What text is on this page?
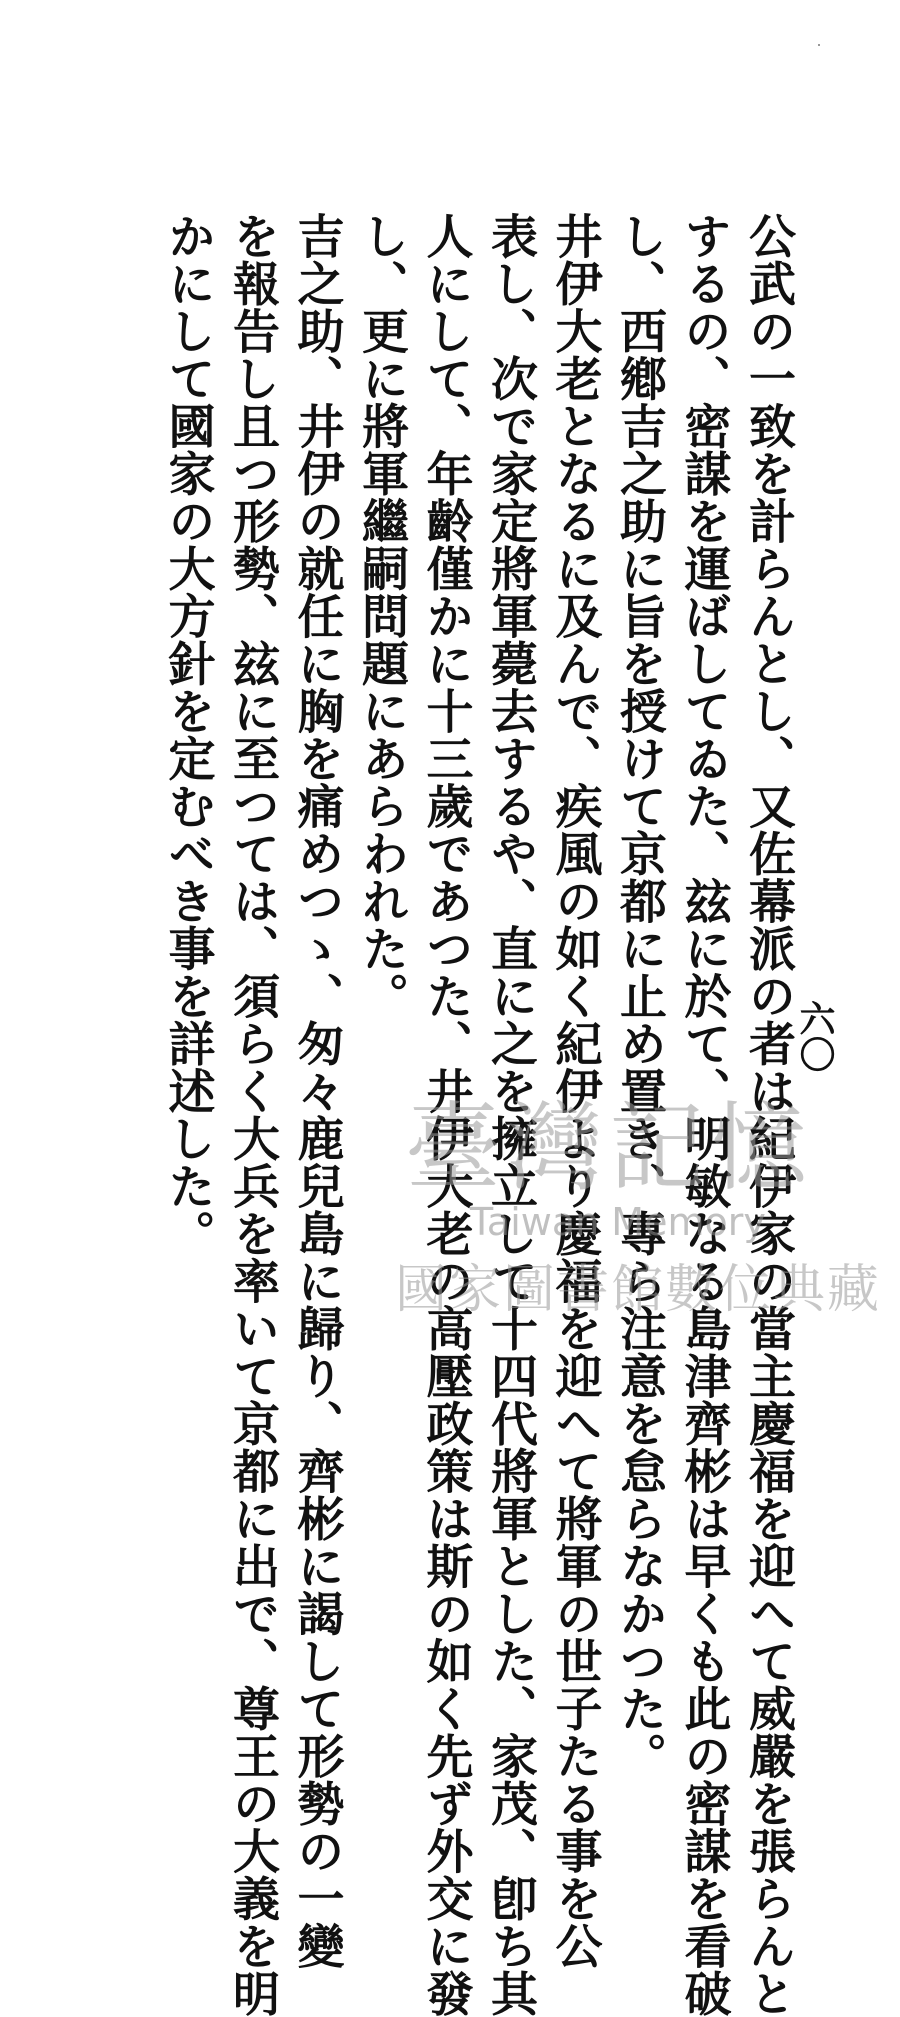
公武の一致を計らんとし、又佐幕派の者は紀伊家の當主慶福を迎へて威嚴を張らんと
するの、密謀を運ばしてゐた、玆に於て、明敏なる島津齊彬は早くも此の密謀を看破
し、西鄕吉之助に旨を授けて京都に止め置き、專ら注意を怠らなかつた。
井伊大老となるに及んで、疾風の如く紀伊より慶福を迎へて將軍の世子たる事を公
表し、次で家定將軍薨去するや、直に之を擁立して十四代將軍とした、家茂、卽ち其
人にして、年齡僅かに十三歲であつた、井伊大老の高壓政策は斯の如く先ず外交に發
し、更に將軍繼嗣問題にあらわれた。
吉之助、井伊の就任に胸を痛めつゝ、匆々鹿兒島に歸り、齊彬に謁して形勢の一變
を報告し且つ形勢、玆に至つては、須らく大兵を率いて京都に出で、尊王の大義を明
かにして國家の大方針を定むべき事を詳述した。	六〇
臺灣記憶
Taiwan Memory
國家圖書館數位典藏
